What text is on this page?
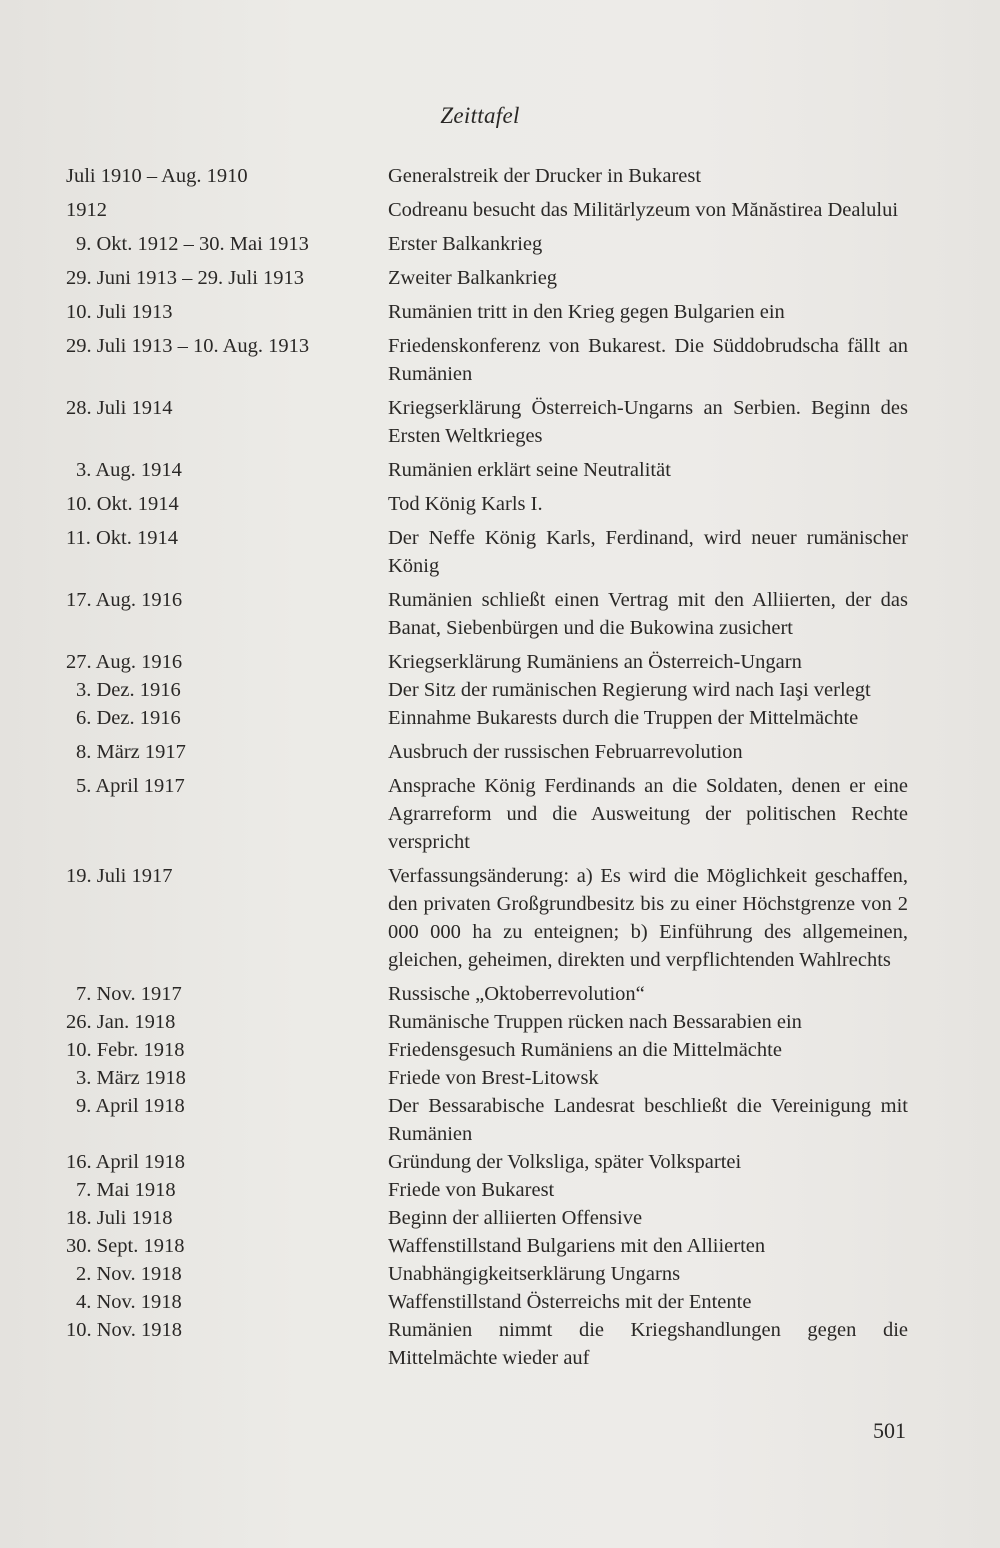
Zeittafel
Juli 1910 – Aug. 1910	Generalstreik der Drucker in Bukarest
1912	Codreanu besucht das Militärlyzeum von Mănăstirea Dealului
9. Okt. 1912 – 30. Mai 1913	Erster Balkankrieg
29. Juni 1913 – 29. Juli 1913	Zweiter Balkankrieg
10. Juli 1913	Rumänien tritt in den Krieg gegen Bulgarien ein
29. Juli 1913 – 10. Aug. 1913	Friedenskonferenz von Bukarest. Die Süddobrudscha fällt an Rumänien
28. Juli 1914	Kriegserklärung Österreich-Ungarns an Serbien. Beginn des Ersten Weltkrieges
3. Aug. 1914	Rumänien erklärt seine Neutralität
10. Okt. 1914	Tod König Karls I.
11. Okt. 1914	Der Neffe König Karls, Ferdinand, wird neuer rumänischer König
17. Aug. 1916	Rumänien schließt einen Vertrag mit den Alliierten, der das Banat, Siebenbürgen und die Bukowina zusichert
27. Aug. 1916	Kriegserklärung Rumäniens an Österreich-Ungarn
3. Dez. 1916	Der Sitz der rumänischen Regierung wird nach Iaşi verlegt
6. Dez. 1916	Einnahme Bukarests durch die Truppen der Mittelmächte
8. März 1917	Ausbruch der russischen Februarrevolution
5. April 1917	Ansprache König Ferdinands an die Soldaten, denen er eine Agrarreform und die Ausweitung der politischen Rechte verspricht
19. Juli 1917	Verfassungsänderung: a) Es wird die Möglichkeit geschaffen, den privaten Großgrundbesitz bis zu einer Höchstgrenze von 2 000 000 ha zu enteignen; b) Einführung des allgemeinen, gleichen, geheimen, direkten und verpflichtenden Wahlrechts
7. Nov. 1917	Russische „Oktoberrevolution“
26. Jan. 1918	Rumänische Truppen rücken nach Bessarabien ein
10. Febr. 1918	Friedensgesuch Rumäniens an die Mittelmächte
3. März 1918	Friede von Brest-Litowsk
9. April 1918	Der Bessarabische Landesrat beschließt die Vereinigung mit Rumänien
16. April 1918	Gründung der Volksliga, später Volkspartei
7. Mai 1918	Friede von Bukarest
18. Juli 1918	Beginn der alliierten Offensive
30. Sept. 1918	Waffenstillstand Bulgariens mit den Alliierten
2. Nov. 1918	Unabhängigkeitserklärung Ungarns
4. Nov. 1918	Waffenstillstand Österreichs mit der Entente
10. Nov. 1918	Rumänien nimmt die Kriegshandlungen gegen die Mittelmächte wieder auf
501
